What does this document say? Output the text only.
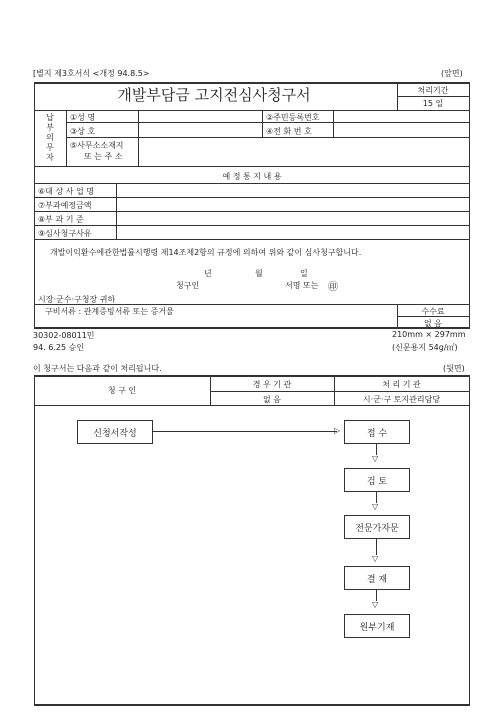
[별지 제3호서식 <개정 94.8.5>	(앞면)
개발부담금 고지전심사청구서	처리기간
15 일
납
부
의
무
자
①성 명	②주민등록번호
③상 호	④전 화 번 호
⑤사무소소재지
또 는 주 소
예 정 통 지 내 용
⑥대 상 사 업 명
⑦부과예정금액
⑧부 과 기 준
⑨심사청구사유
개발이익환수에관한법률시행령 제14조제2항의 규정에 의하여 위와 같이 심사청구합니다.
년	월	일
청구인	서명 또는 ㊞
시장·군수·구청장 귀하
구비서류 : 관계증빙서류 또는 증거물	수수료
없 음
30302-08011민
94. 6.25 승인
210mm × 297mm
(신문용지 54g/㎡)
이 청구서는 다음과 같이 처리됩니다.	(뒷면)
청 구 인
경 우 기 관	처 리 기 관
없 음	시·군·구 토지관리담당
신청서작성	▷	접 수
▽
검 토
▽
전문가자문
▽
결 재
▽
원부기재
